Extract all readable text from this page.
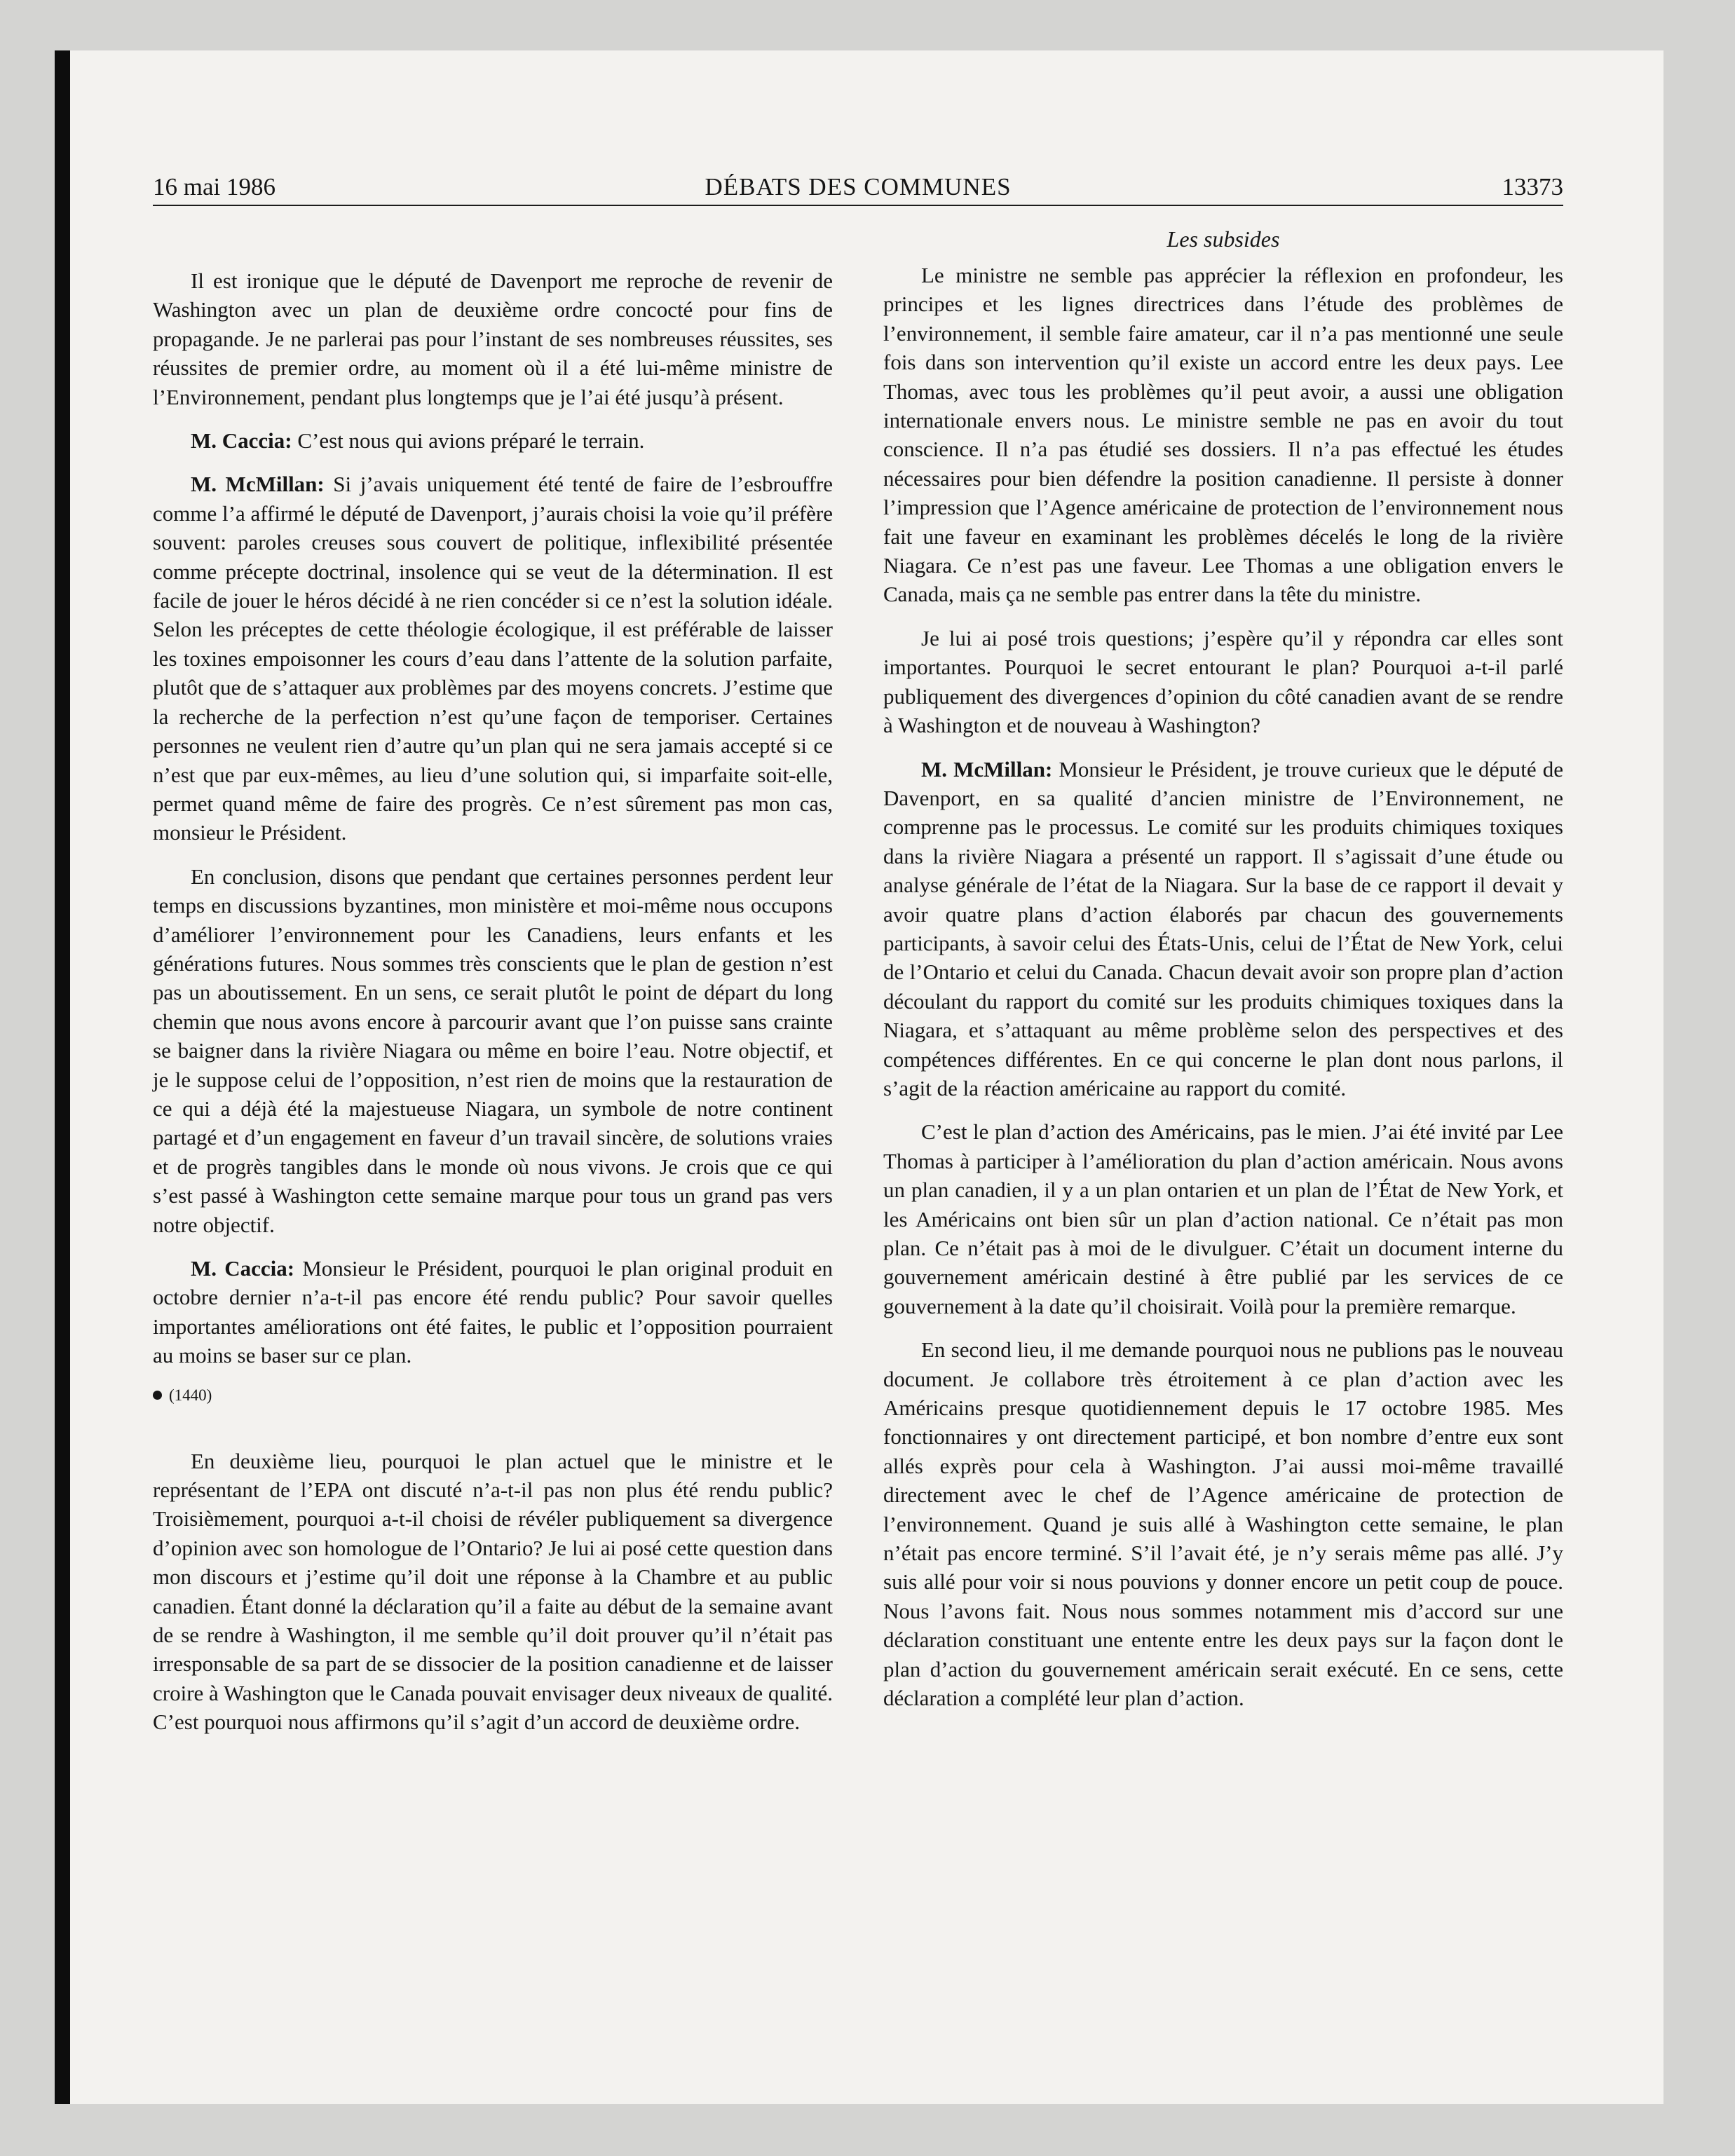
16 mai 1986	DÉBATS DES COMMUNES	13373

Il est ironique que le député de Davenport me reproche de revenir de Washington avec un plan de deuxième ordre concocté pour fins de propagande. Je ne parlerai pas pour l’instant de ses nombreuses réussites, ses réussites de premier ordre, au moment où il a été lui-même ministre de l’Environnement, pendant plus longtemps que je l’ai été jusqu’à présent.

M. Caccia: C’est nous qui avions préparé le terrain.

M. McMillan: Si j’avais uniquement été tenté de faire de l’esbrouffre comme l’a affirmé le député de Davenport, j’aurais choisi la voie qu’il préfère souvent: paroles creuses sous couvert de politique, inflexibilité présentée comme précepte doctrinal, insolence qui se veut de la détermination. Il est facile de jouer le héros décidé à ne rien concéder si ce n’est la solution idéale. Selon les préceptes de cette théologie écologique, il est préférable de laisser les toxines empoisonner les cours d’eau dans l’attente de la solution parfaite, plutôt que de s’attaquer aux problèmes par des moyens concrets. J’estime que la recherche de la perfection n’est qu’une façon de temporiser. Certaines personnes ne veulent rien d’autre qu’un plan qui ne sera jamais accepté si ce n’est que par eux-mêmes, au lieu d’une solution qui, si imparfaite soit-elle, permet quand même de faire des progrès. Ce n’est sûrement pas mon cas, monsieur le Président.

En conclusion, disons que pendant que certaines personnes perdent leur temps en discussions byzantines, mon ministère et moi-même nous occupons d’améliorer l’environnement pour les Canadiens, leurs enfants et les générations futures. Nous sommes très conscients que le plan de gestion n’est pas un aboutissement. En un sens, ce serait plutôt le point de départ du long chemin que nous avons encore à parcourir avant que l’on puisse sans crainte se baigner dans la rivière Niagara ou même en boire l’eau. Notre objectif, et je le suppose celui de l’opposition, n’est rien de moins que la restauration de ce qui a déjà été la majestueuse Niagara, un symbole de notre continent partagé et d’un engagement en faveur d’un travail sincère, de solutions vraies et de progrès tangibles dans le monde où nous vivons. Je crois que ce qui s’est passé à Washington cette semaine marque pour tous un grand pas vers notre objectif.

M. Caccia: Monsieur le Président, pourquoi le plan original produit en octobre dernier n’a-t-il pas encore été rendu public? Pour savoir quelles importantes améliorations ont été faites, le public et l’opposition pourraient au moins se baser sur ce plan.

(1440)

En deuxième lieu, pourquoi le plan actuel que le ministre et le représentant de l’EPA ont discuté n’a-t-il pas non plus été rendu public? Troisièmement, pourquoi a-t-il choisi de révéler publiquement sa divergence d’opinion avec son homologue de l’Ontario? Je lui ai posé cette question dans mon discours et j’estime qu’il doit une réponse à la Chambre et au public canadien. Étant donné la déclaration qu’il a faite au début de la semaine avant de se rendre à Washington, il me semble qu’il doit prouver qu’il n’était pas irresponsable de sa part de se dissocier de la position canadienne et de laisser croire à Washington que le Canada pouvait envisager deux niveaux de qualité. C’est pourquoi nous affirmons qu’il s’agit d’un accord de deuxième ordre.

Les subsides

Le ministre ne semble pas apprécier la réflexion en profondeur, les principes et les lignes directrices dans l’étude des problèmes de l’environnement, il semble faire amateur, car il n’a pas mentionné une seule fois dans son intervention qu’il existe un accord entre les deux pays. Lee Thomas, avec tous les problèmes qu’il peut avoir, a aussi une obligation internationale envers nous. Le ministre semble ne pas en avoir du tout conscience. Il n’a pas étudié ses dossiers. Il n’a pas effectué les études nécessaires pour bien défendre la position canadienne. Il persiste à donner l’impression que l’Agence américaine de protection de l’environnement nous fait une faveur en examinant les problèmes décelés le long de la rivière Niagara. Ce n’est pas une faveur. Lee Thomas a une obligation envers le Canada, mais ça ne semble pas entrer dans la tête du ministre.

Je lui ai posé trois questions; j’espère qu’il y répondra car elles sont importantes. Pourquoi le secret entourant le plan? Pourquoi a-t-il parlé publiquement des divergences d’opinion du côté canadien avant de se rendre à Washington et de nouveau à Washington?

M. McMillan: Monsieur le Président, je trouve curieux que le député de Davenport, en sa qualité d’ancien ministre de l’Environnement, ne comprenne pas le processus. Le comité sur les produits chimiques toxiques dans la rivière Niagara a présenté un rapport. Il s’agissait d’une étude ou analyse générale de l’état de la Niagara. Sur la base de ce rapport il devait y avoir quatre plans d’action élaborés par chacun des gouvernements participants, à savoir celui des États-Unis, celui de l’État de New York, celui de l’Ontario et celui du Canada. Chacun devait avoir son propre plan d’action découlant du rapport du comité sur les produits chimiques toxiques dans la Niagara, et s’attaquant au même problème selon des perspectives et des compétences différentes. En ce qui concerne le plan dont nous parlons, il s’agit de la réaction américaine au rapport du comité.

C’est le plan d’action des Américains, pas le mien. J’ai été invité par Lee Thomas à participer à l’amélioration du plan d’action américain. Nous avons un plan canadien, il y a un plan ontarien et un plan de l’État de New York, et les Américains ont bien sûr un plan d’action national. Ce n’était pas mon plan. Ce n’était pas à moi de le divulguer. C’était un document interne du gouvernement américain destiné à être publié par les services de ce gouvernement à la date qu’il choisirait. Voilà pour la première remarque.

En second lieu, il me demande pourquoi nous ne publions pas le nouveau document. Je collabore très étroitement à ce plan d’action avec les Américains presque quotidiennement depuis le 17 octobre 1985. Mes fonctionnaires y ont directement participé, et bon nombre d’entre eux sont allés exprès pour cela à Washington. J’ai aussi moi-même travaillé directement avec le chef de l’Agence américaine de protection de l’environnement. Quand je suis allé à Washington cette semaine, le plan n’était pas encore terminé. S’il l’avait été, je n’y serais même pas allé. J’y suis allé pour voir si nous pouvions y donner encore un petit coup de pouce. Nous l’avons fait. Nous nous sommes notamment mis d’accord sur une déclaration constituant une entente entre les deux pays sur la façon dont le plan d’action du gouvernement américain serait exécuté. En ce sens, cette déclaration a complété leur plan d’action.
